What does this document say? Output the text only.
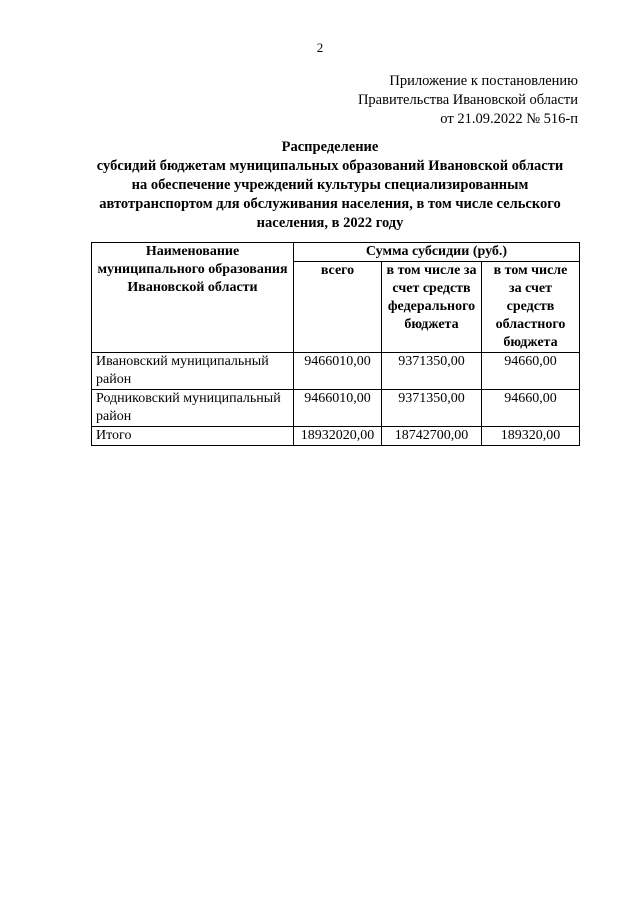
2
Приложение к постановлению
Правительства Ивановской области
от 21.09.2022 № 516-п
Распределение
субсидий бюджетам муниципальных образований Ивановской области
на обеспечение учреждений культуры специализированным
автотранспортом для обслуживания населения, в том числе сельского
населения, в 2022 году
Наименование муниципального образования Ивановской области	Сумма субсидии (руб.)		
	всего	в том числе за счет средств федерального бюджета	в том числе за счет средств областного бюджета
Ивановский муниципальный район	9466010,00	9371350,00	94660,00
Родниковский муниципальный район	9466010,00	9371350,00	94660,00
Итого	18932020,00	18742700,00	189320,00
